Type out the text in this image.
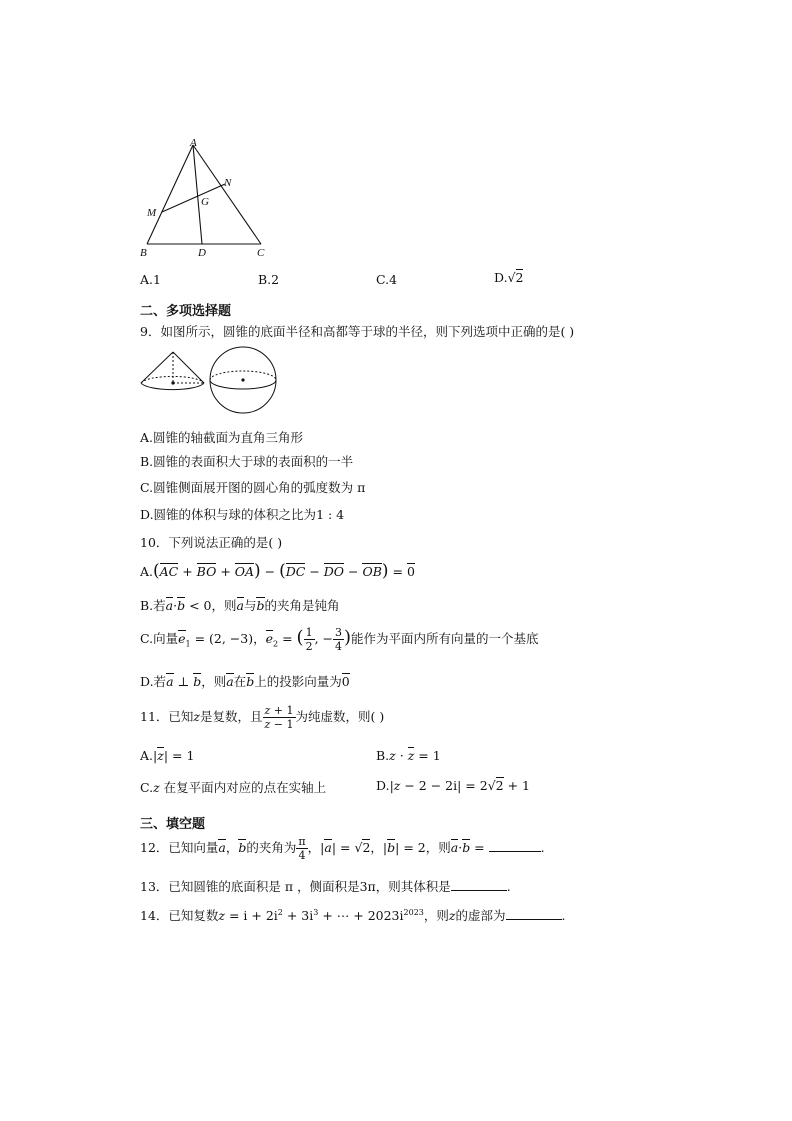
A
B	C
D
G
M
N
A.1	B.2	C.4	D.√2
二、多项选择题
9．如图所示，圆锥的底面半径和高都等于球的半径，则下列选项中正确的是( )
A.圆锥的轴截面为直角三角形
B.圆锥的表面积大于球的表面积的一半
C.圆锥侧面展开图的圆心角的弧度数为 π
D.圆锥的体积与球的体积之比为1 : 4
10．下列说法正确的是( )
A.(AC + BO + OA) − (DC − DO − OB) = 0
B.若a·b < 0，则a与b的夹角是钝角
C.向量$e_1 = (2$, −3)，$e_2$ = ( $\frac{1}{2}$ , − $\frac{3}{4}$ )能作为平面内所有向量的一个基底
D.若a ⊥ b，则a在b上的投影向量为0
11．已知z是复数，且 $\frac{z + 1}{z - 1}$ 为纯虚数，则( )
A.|z| = 1	B.z · z = 1
C.z 在复平面内对应的点在实轴上	D.|z − 2 − 2i| = 2√2 + 1
三、填空题
12．已知向量a，b的夹角为 $\frac{\pi}{4}$ ，|a| = √2，|b| = 2，则a·b =	.
13．已知圆锥的底面积是 π ，侧面积是3π，则其体积是	.
14．已知复数$z = i + 2i^2 + 3i^3$ + ⋯ + $2023i^{2023}$，则z的虚部为	.
